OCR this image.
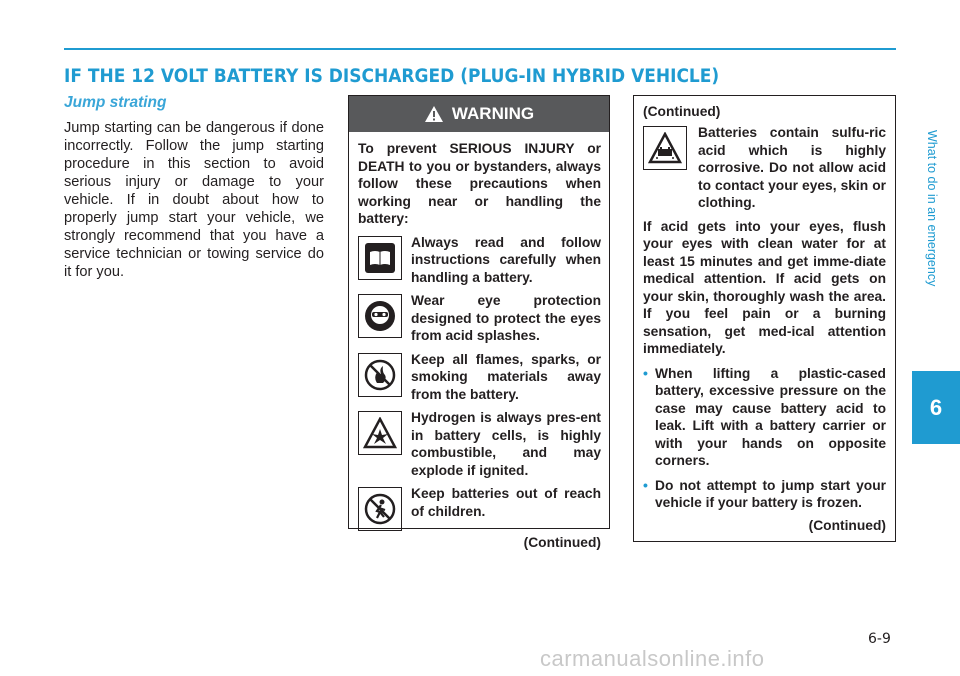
IF THE 12 VOLT BATTERY IS DISCHARGED (PLUG-IN HYBRID VEHICLE)
Jump strating

Jump starting can be dangerous if done incorrectly. Follow the jump starting procedure in this section to avoid serious injury or damage to your vehicle. If in doubt about how to properly jump start your vehicle, we strongly recommend that you have a service technician or towing service do it for you.

WARNING
To prevent SERIOUS INJURY or DEATH to you or bystanders, always follow these precautions when working near or handling the battery:
Always read and follow instructions carefully when handling a battery.
Wear eye protection designed to protect the eyes from acid splashes.
Keep all flames, sparks, or smoking materials away from the battery.
Hydrogen is always pres-ent in battery cells, is highly combustible, and may explode if ignited.
Keep batteries out of reach of children.
(Continued)
(Continued)
Batteries contain sulfu-ric acid which is highly corrosive. Do not allow acid to contact your eyes, skin or clothing.

If acid gets into your eyes, flush your eyes with clean water for at least 15 minutes and get imme-diate medical attention. If acid gets on your skin, thoroughly wash the area. If you feel pain or a burning sensation, get med-ical attention immediately.

• When lifting a plastic-cased battery, excessive pressure on the case may cause battery acid to leak. Lift with a battery carrier or with your hands on opposite corners.
• Do not attempt to jump start your vehicle if your battery is frozen.
(Continued)
What to do in an emergency
6
6-9
carmanualsonline.info
